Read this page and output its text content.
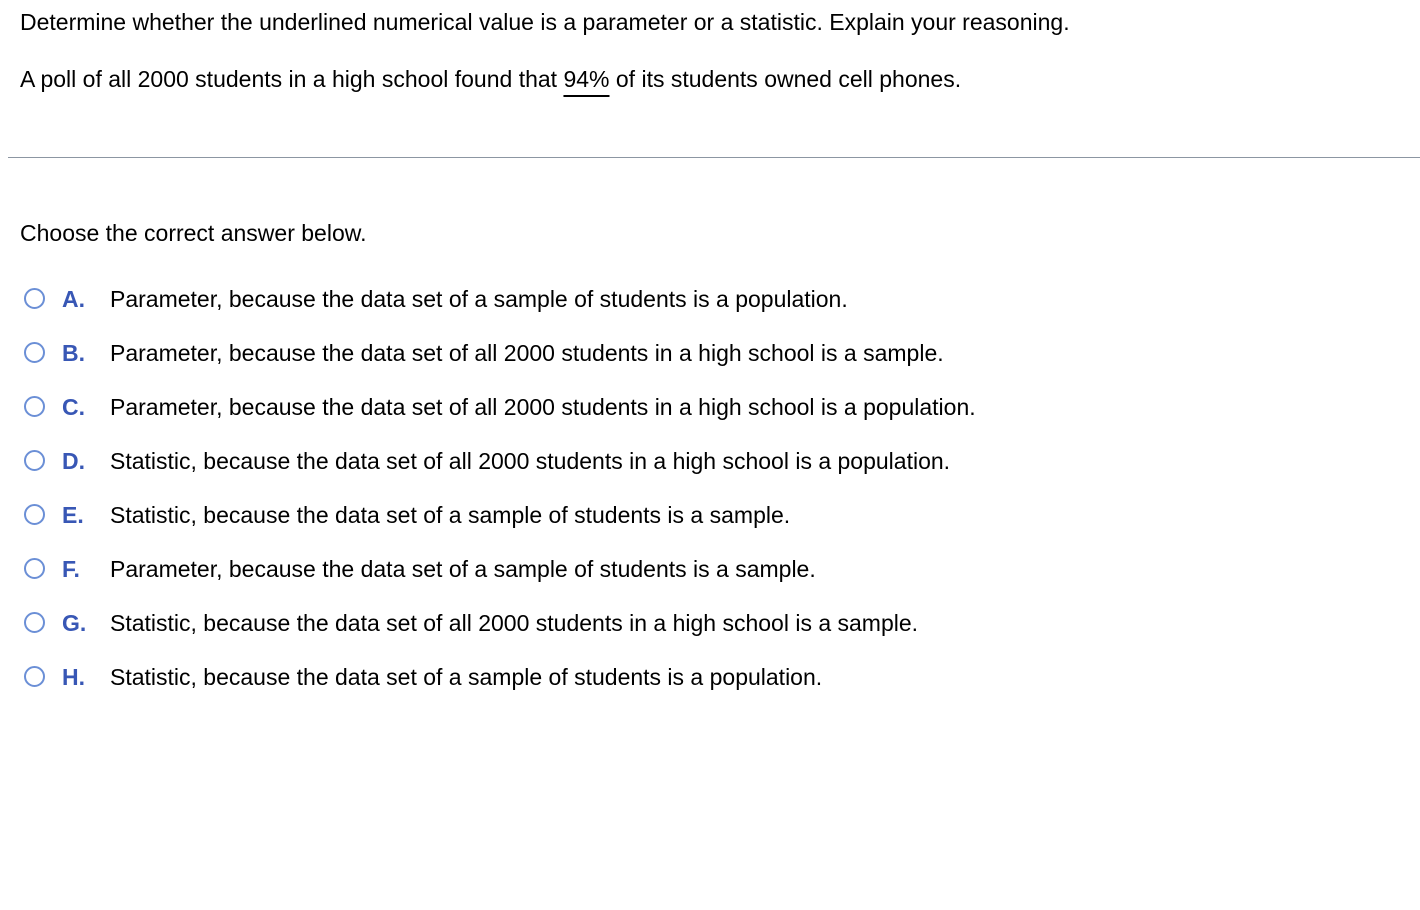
Determine whether the underlined numerical value is a parameter or a statistic. Explain your reasoning.
A poll of all 2000 students in a high school found that 94% of its students owned cell phones.
Choose the correct answer below.
A. Parameter, because the data set of a sample of students is a population.
B. Parameter, because the data set of all 2000 students in a high school is a sample.
C. Parameter, because the data set of all 2000 students in a high school is a population.
D. Statistic, because the data set of all 2000 students in a high school is a population.
E. Statistic, because the data set of a sample of students is a sample.
F. Parameter, because the data set of a sample of students is a sample.
G. Statistic, because the data set of all 2000 students in a high school is a sample.
H. Statistic, because the data set of a sample of students is a population.
